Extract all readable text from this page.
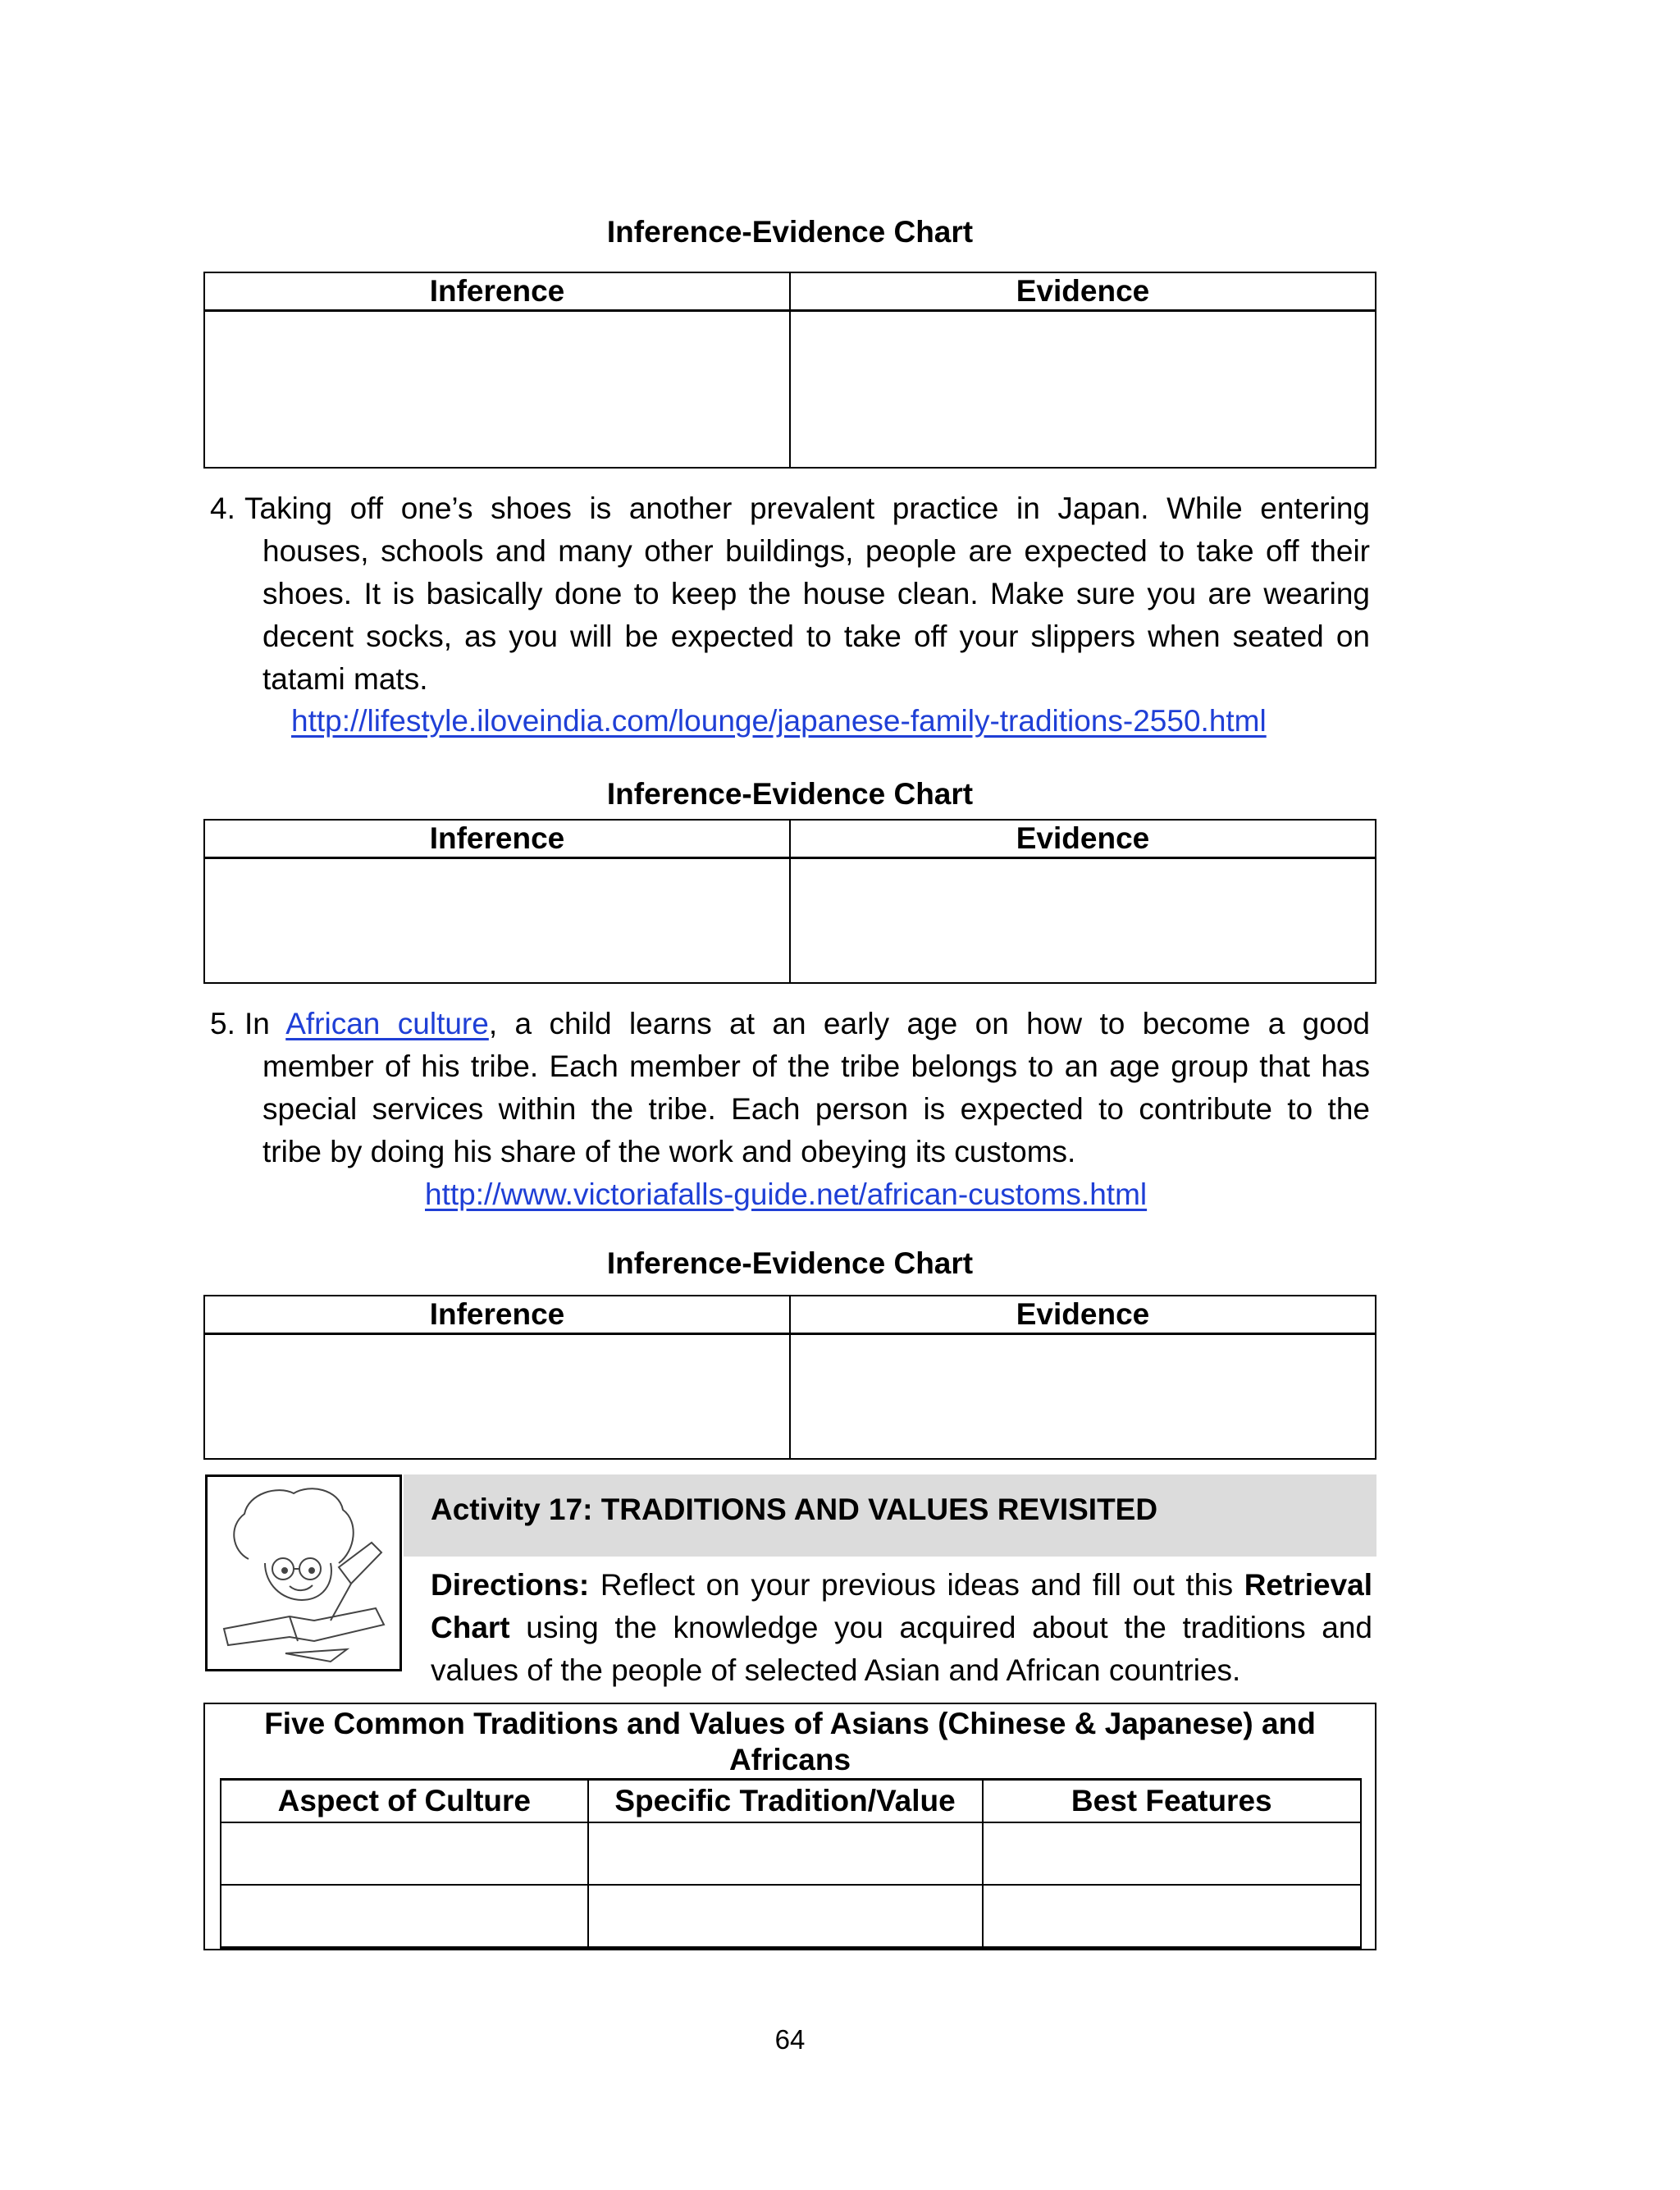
Inference-Evidence Chart
Inference	Evidence

4. Taking off one’s shoes is another prevalent practice in Japan. While entering
houses, schools and many other buildings, people are expected to take off their
shoes. It is basically done to keep the house clean. Make sure you are wearing
decent socks, as you will be expected to take off your slippers when seated on
tatami mats.
http://lifestyle.iloveindia.com/lounge/japanese-family-traditions-2550.html
Inference-Evidence Chart
Inference	Evidence

5. In African culture, a child learns at an early age on how to become a good
member of his tribe. Each member of the tribe belongs to an age group that has
special services within the tribe. Each person is expected to contribute to the
tribe by doing his share of the work and obeying its customs.
http://www.victoriafalls-guide.net/african-customs.html
Inference-Evidence Chart
Inference	Evidence

Activity 17: TRADITIONS AND VALUES REVISITED
Directions: Reflect on your previous ideas and fill out this Retrieval
Chart using the knowledge you acquired about the traditions and
values of the people of selected Asian and African countries.
Five Common Traditions and Values of Asians (Chinese & Japanese) and
Africans
Aspect of Culture	Specific Tradition/Value	Best Features

64
